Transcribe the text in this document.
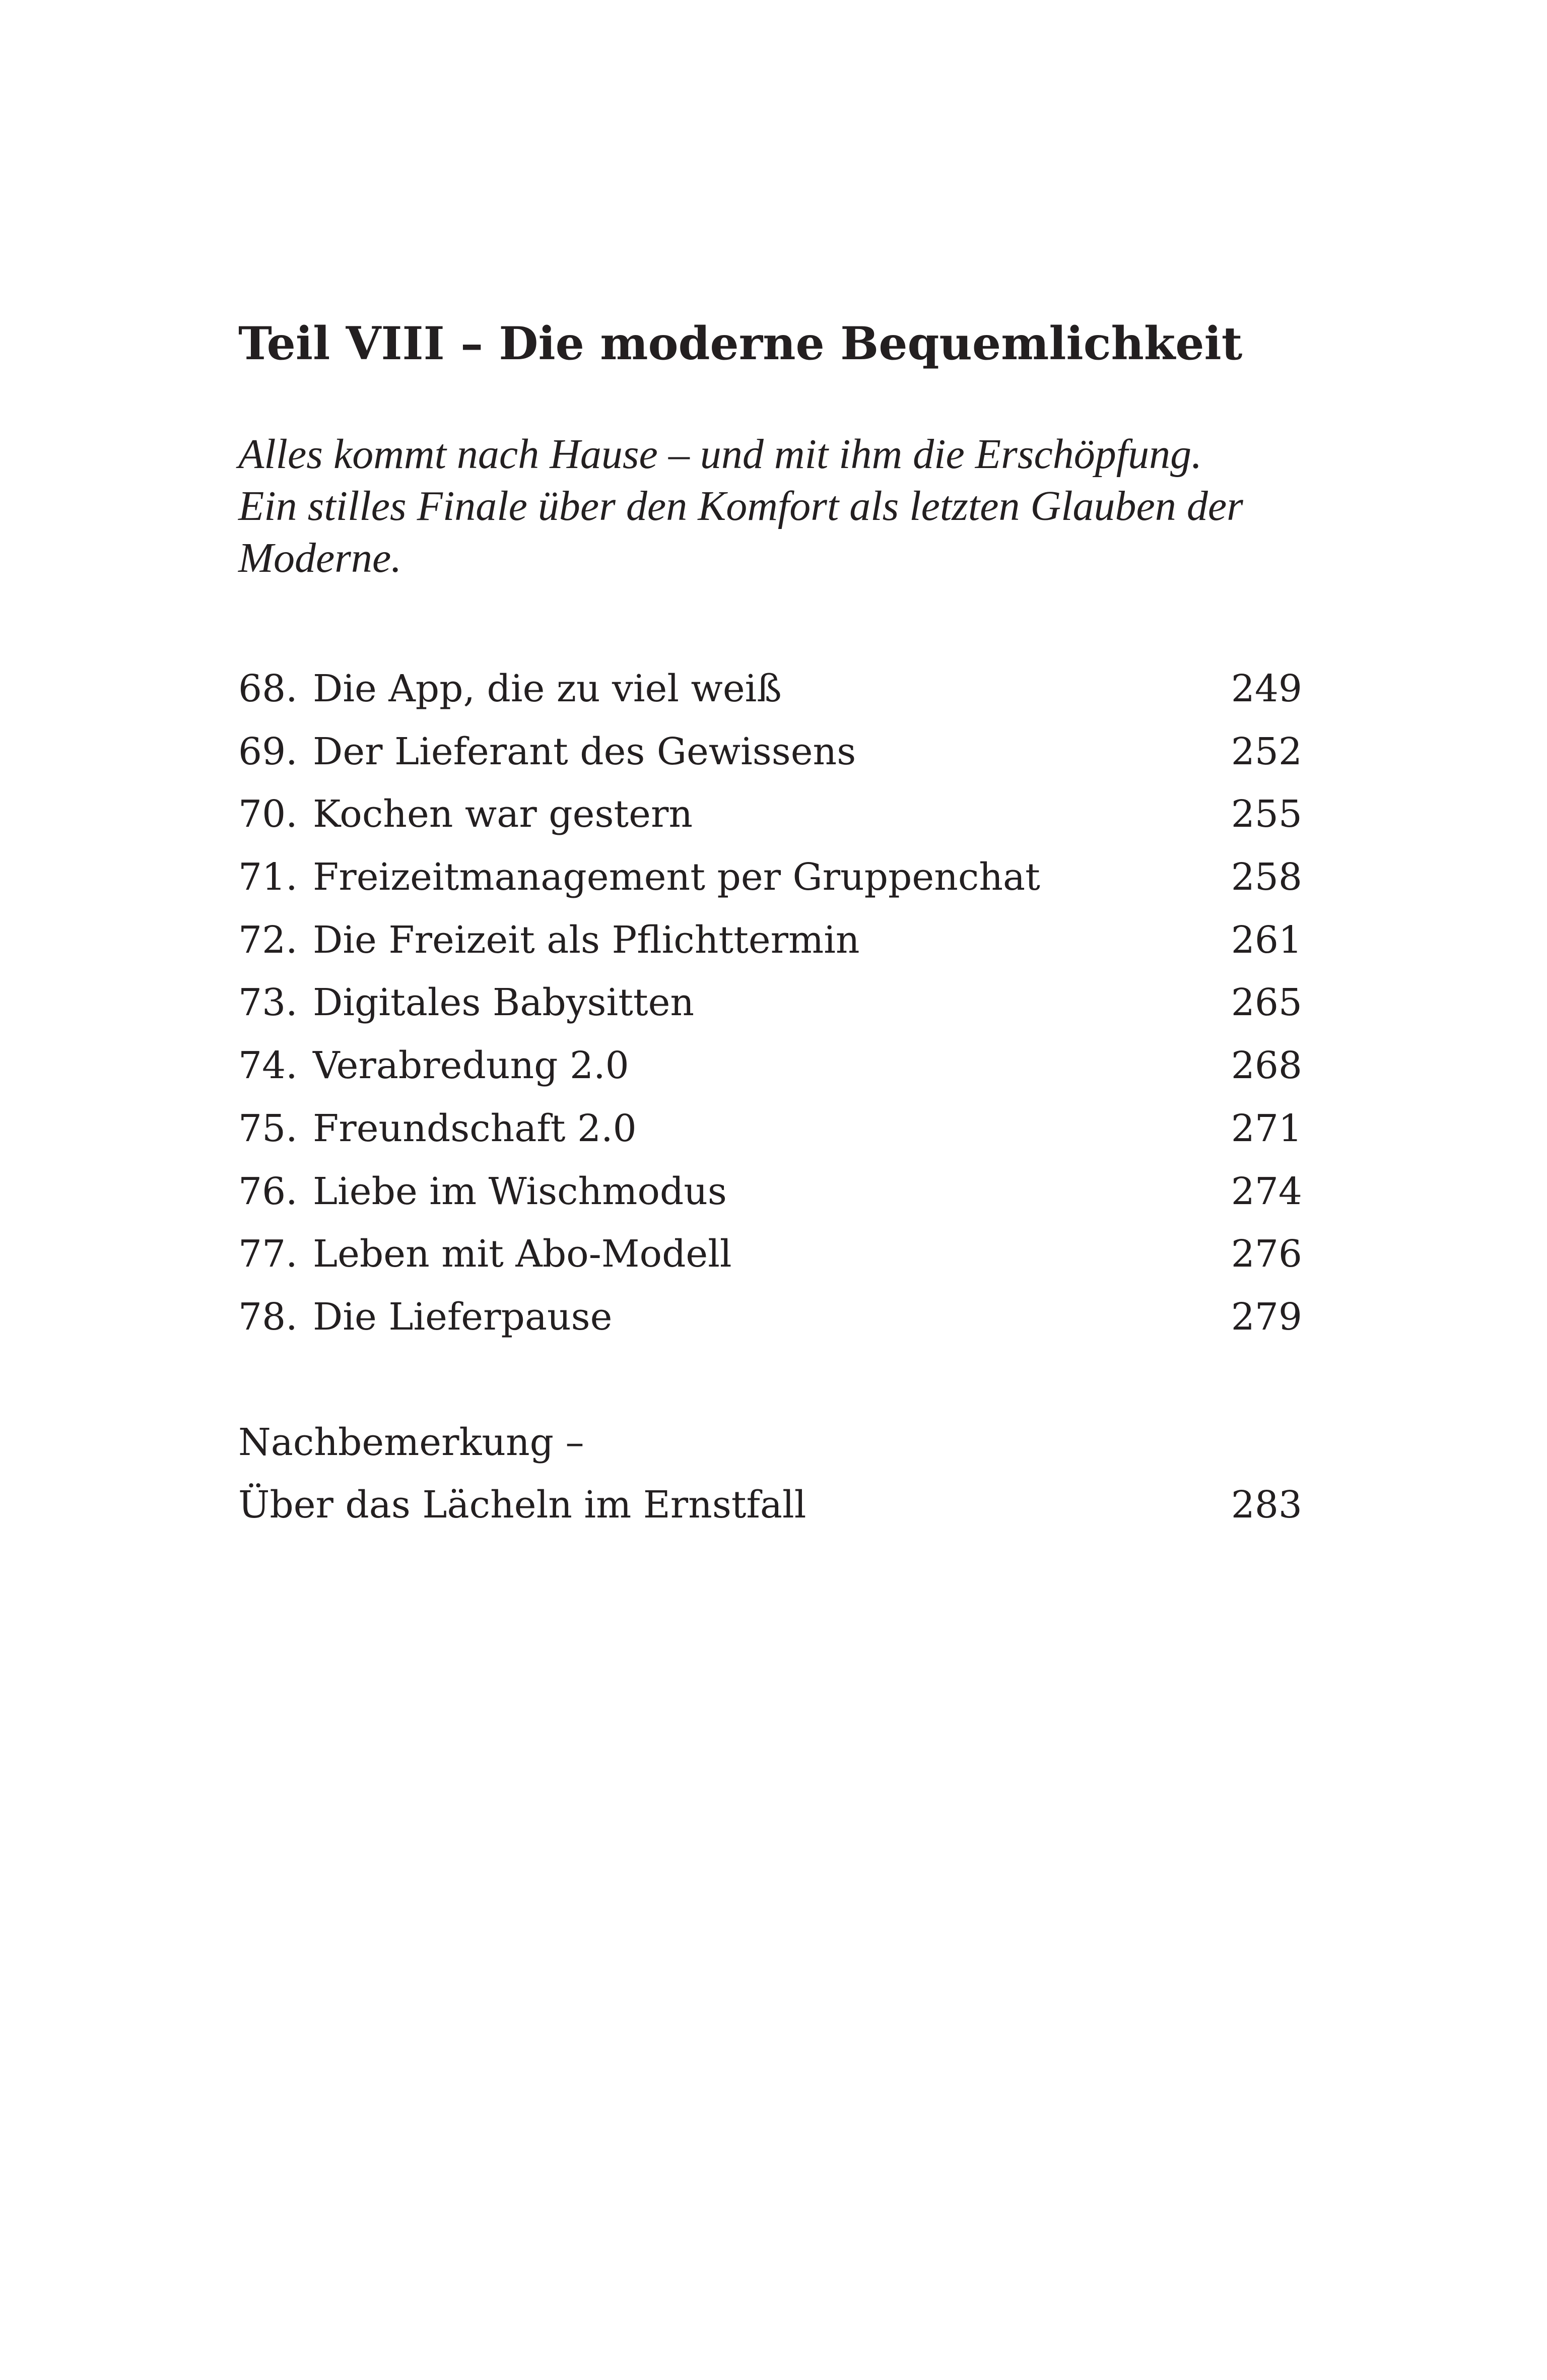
Teil VIII – Die moderne Bequemlichkeit
Alles kommt nach Hause – und mit ihm die Erschöpfung.
Ein stilles Finale über den Komfort als letzten Glauben der
Moderne.
68. Die App, die zu viel weiß	249
69. Der Lieferant des Gewissens	252
70. Kochen war gestern	255
71. Freizeitmanagement per Gruppenchat	258
72. Die Freizeit als Pflichttermin	261
73. Digitales Babysitten	265
74. Verabredung 2.0	268
75. Freundschaft 2.0	271
76. Liebe im Wischmodus	274
77. Leben mit Abo-Modell	276
78. Die Lieferpause	279
Nachbemerkung –
Über das Lächeln im Ernstfall	283
